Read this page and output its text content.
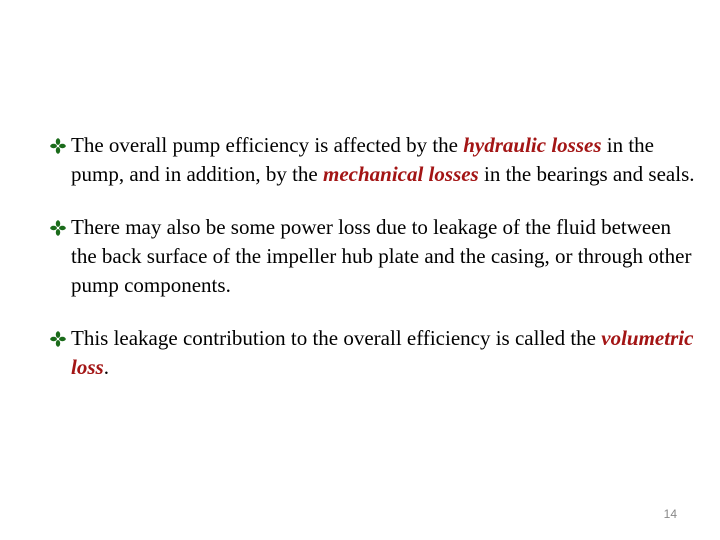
The overall pump efficiency is affected by the hydraulic losses in the pump, and in addition, by the mechanical losses in the bearings and seals.
There may also be some power loss due to leakage of the fluid between the back surface of the impeller hub plate and the casing, or through other pump components.
This leakage contribution to the overall efficiency is called the volumetric loss.
14
